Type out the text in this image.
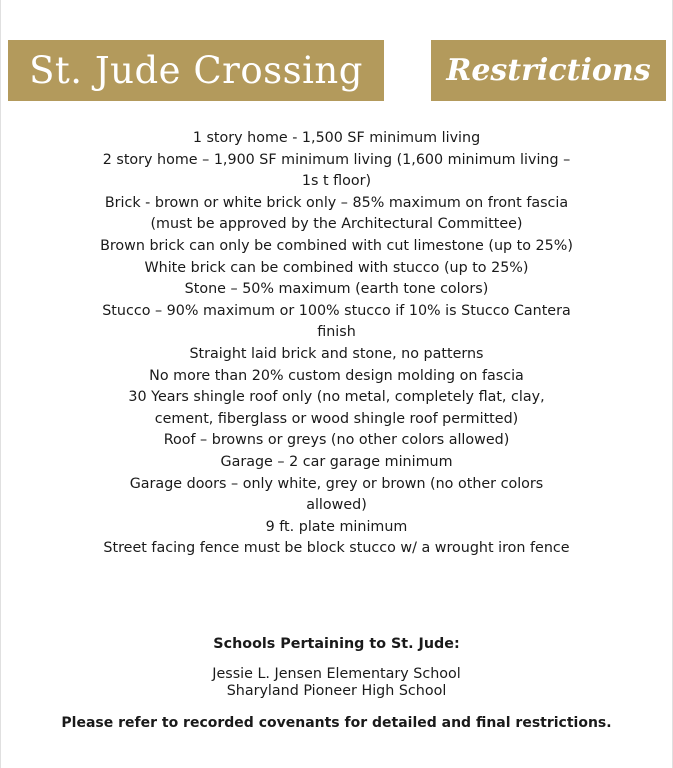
St. Jude Crossing	Restrictions
1 story home - 1,500 SF minimum living
2 story home – 1,900 SF minimum living (1,600 minimum living – 1s t floor)
Brick - brown or white brick only – 85% maximum on front fascia (must be approved by the Architectural Committee)
Brown brick can only be combined with cut limestone (up to 25%)
White brick can be combined with stucco (up to 25%)
Stone – 50% maximum (earth tone colors)
Stucco – 90% maximum or 100% stucco if 10% is Stucco Cantera finish
Straight laid brick and stone, no patterns
No more than 20% custom design molding on fascia
30 Years shingle roof only (no metal, completely flat, clay, cement, fiberglass or wood shingle roof permitted)
Roof – browns or greys (no other colors allowed)
Garage – 2 car garage minimum
Garage doors – only white, grey or brown (no other colors allowed)
9 ft. plate minimum
Street facing fence must be block stucco w/ a wrought iron fence
Schools Pertaining to St. Jude:
Jessie L. Jensen Elementary School
Sharyland Pioneer High School
Please refer to recorded covenants for detailed and final restrictions.
